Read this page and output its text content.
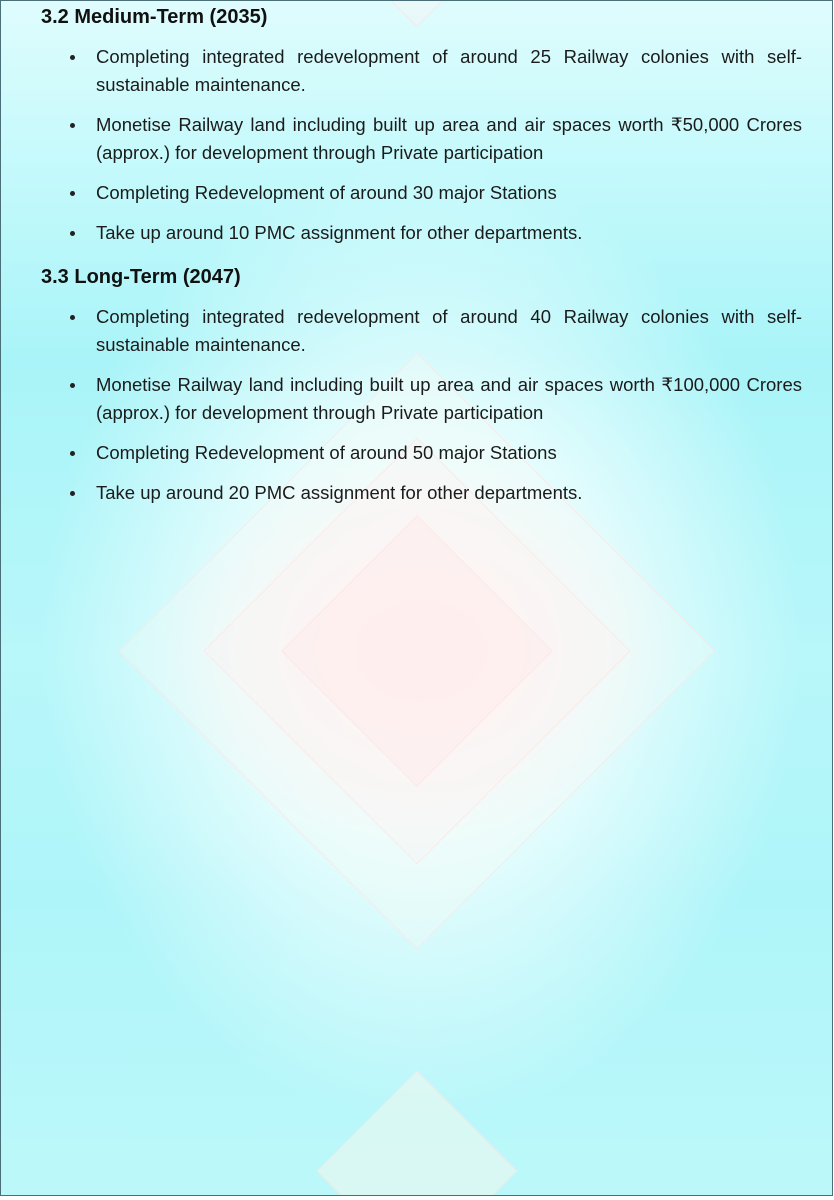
3.2 Medium-Term (2035)
Completing integrated redevelopment of around 25 Railway colonies with self-sustainable maintenance.
Monetise Railway land including built up area and air spaces worth ₹50,000 Crores (approx.) for development through Private participation
Completing Redevelopment of around 30 major Stations
Take up around 10 PMC assignment for other departments.
3.3 Long-Term (2047)
Completing integrated redevelopment of around 40 Railway colonies with self-sustainable maintenance.
Monetise Railway land including built up area and air spaces worth ₹100,000 Crores (approx.) for development through Private participation
Completing Redevelopment of around 50 major Stations
Take up around 20 PMC assignment for other departments.
